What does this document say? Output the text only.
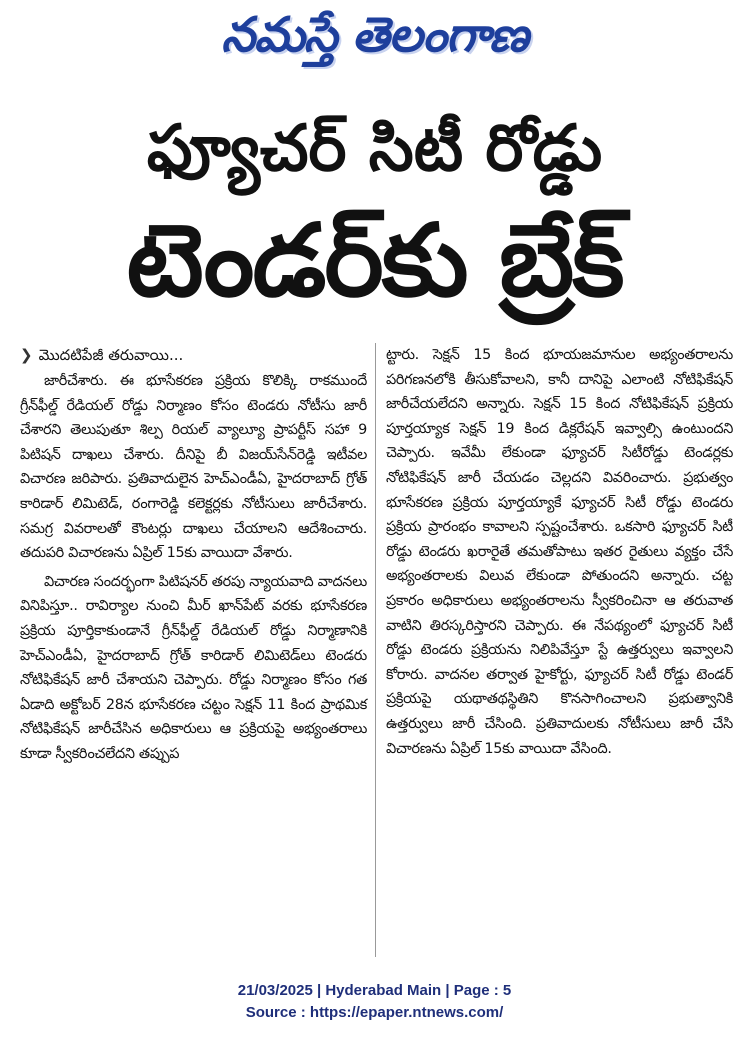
నమస్తే తెలంగాణ
ఫ్యూచర్ సిటీ రోడ్డు
టెండర్‌కు బ్రేక్
❯ మొదటిపేజీ తరువాయి...

జారీచేశారు. ఈ భూసేకరణ ప్రక్రియ కొలిక్కి రాకముందే గ్రీన్‌ఫీల్డ్ రేడియల్ రోడ్డు నిర్మాణం కోసం టెండరు నోటీసు జారీ చేశారని తెలుపుతూ శిల్ప రియల్ వ్యాల్యూ ప్రాపర్టీస్ సహా 9 పిటిషన్ దాఖలు చేశారు. దీనిపై బీ విజయ్‌సేన్‌రెడ్డి ఇటీవల విచారణ జరిపారు. ప్రతివాదులైన హెచ్‌ఎండీఏ, హైదరాబాద్ గ్రోత్ కారిడార్ లిమిటెడ్, రంగారెడ్డి కలెక్టర్లకు నోటీసులు జారీచేశారు. సమగ్ర వివరాలతో కౌంటర్లు దాఖలు చేయాలని ఆదేశించారు. తదుపరి విచారణను ఏప్రిల్ 15కు వాయిదా వేశారు.

విచారణ సందర్భంగా పిటిషనర్ తరపు న్యాయవాది వాదనలు వినిపిస్తూ.. రావిర్యాల నుంచి మీర్ ఖాన్‌పేట్ వరకు భూసేకరణ ప్రక్రియ పూర్తికాకుండానే గ్రీన్‌ఫీల్డ్ రేడియల్ రోడ్డు నిర్మాణానికి హెచ్‌ఎండీఏ, హైదరాబాద్ గ్రోత్ కారిడార్ లిమిటెడ్‌లు టెండరు నోటిఫికేషన్ జారీ చేశాయని చెప్పారు. రోడ్డు నిర్మాణం కోసం గత ఏడాది అక్టోబర్ 28న భూసేకరణ చట్టం సెక్షన్ 11 కింద ప్రాథమిక నోటిఫికేషన్ జారీచేసిన అధికారులు ఆ ప్రక్రియపై అభ్యంతరాలు కూడా స్వీకరించలేదని తప్పుప

ట్టారు. సెక్షన్ 15 కింద భూయజమానుల అభ్యంతరాలను పరిగణనలోకి తీసుకోవాలని, కానీ దానిపై ఎలాంటి నోటిఫికేషన్ జారీచేయలేదని అన్నారు. సెక్షన్ 15 కింద నోటిఫికేషన్ ప్రక్రియ పూర్తయ్యాక సెక్షన్ 19 కింద డిక్లరేషన్ ఇవ్వాల్సి ఉంటుందని చెప్పారు. ఇవేమీ లేకుండా ఫ్యూచర్ సిటీరోడ్డు టెండర్లకు నోటిఫికేషన్ జారీ చేయడం చెల్లదని వివరించారు. ప్రభుత్వం భూసేకరణ ప్రక్రియ పూర్తయ్యాకే ఫ్యూచర్ సిటీ రోడ్డు టెండరు ప్రక్రియ ప్రారంభం కావాలని స్పష్టంచేశారు. ఒకసారి ఫ్యూచర్ సిటీ రోడ్డు టెండరు ఖరారైతే తమతోపాటు ఇతర రైతులు వ్యక్తం చేసే అభ్యంతరాలకు విలువ లేకుండా పోతుందని అన్నారు. చట్ట ప్రకారం అధికారులు అభ్యంతరాలను స్వీకరించినా ఆ తరువాత వాటిని తిరస్కరిస్తారని చెప్పారు. ఈ నేపథ్యంలో ఫ్యూచర్ సిటీ రోడ్డు టెండరు ప్రక్రియను నిలిపివేస్తూ స్టే ఉత్తర్వులు ఇవ్వాలని కోరారు. వాదనల తర్వాత హైకోర్టు, ఫ్యూచర్ సిటీ రోడ్డు టెండర్ ప్రక్రియపై యథాతథస్థితిని కొనసాగించాలని ప్రభుత్వానికి ఉత్తర్వులు జారీ చేసింది. ప్రతివాదులకు నోటీసులు జారీ చేసి విచారణను ఏప్రిల్ 15కు వాయిదా వేసింది.

21/03/2025 | Hyderabad Main | Page : 5
Source : https://epaper.ntnews.com/
